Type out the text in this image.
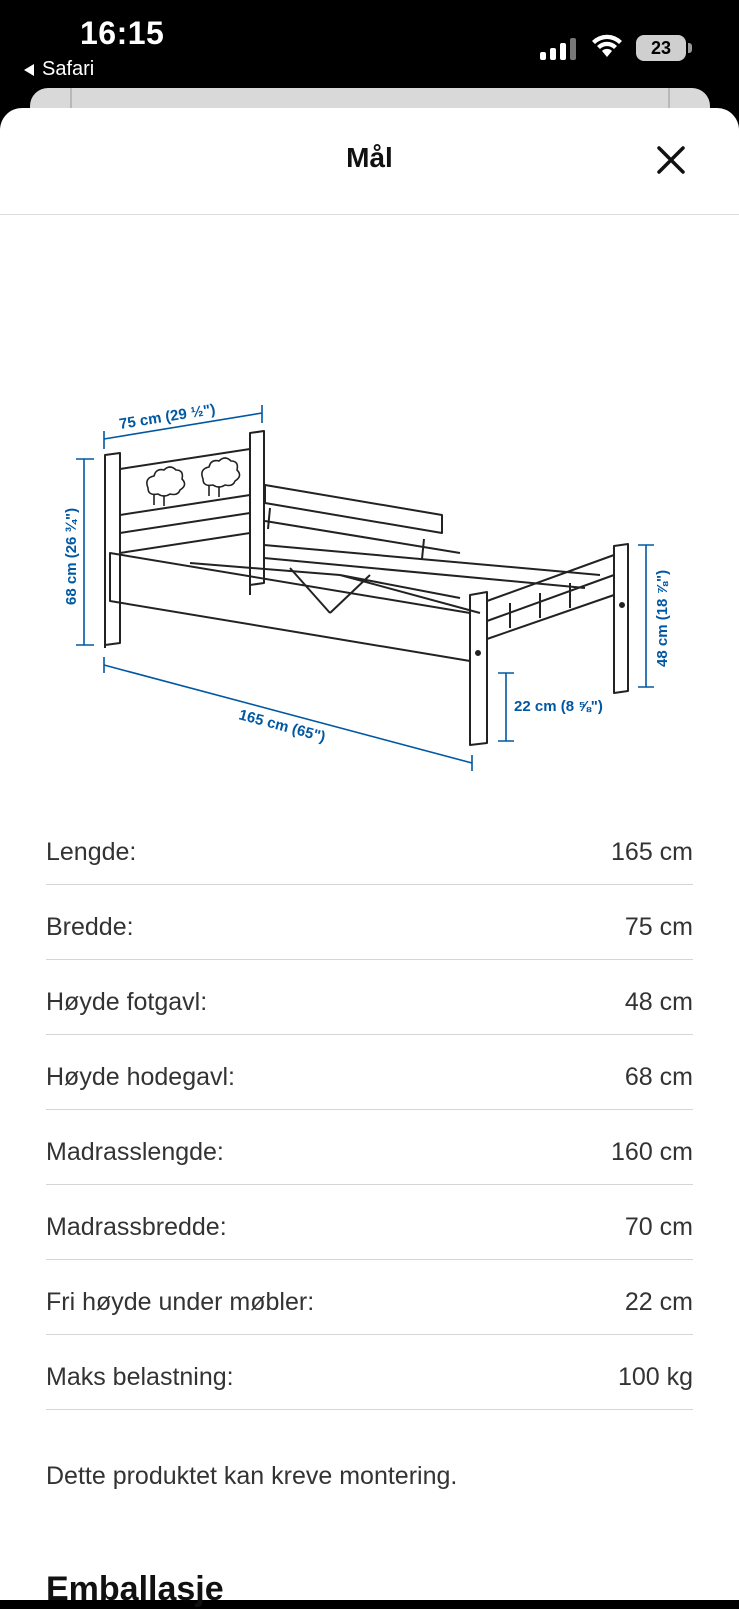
16:15
Safari
23
Mål
75 cm (29 ½")
68 cm (26 ¾")
165 cm (65")	22 cm (8 ⅝")
48 cm (18 ⅞")
Lengde:	165 cm
Bredde:	75 cm
Høyde fotgavl:	48 cm
Høyde hodegavl:	68 cm
Madrasslengde:	160 cm
Madrassbredde:	70 cm
Fri høyde under møbler:	22 cm
Maks belastning:	100 kg
Dette produktet kan kreve montering.
Emballasje
